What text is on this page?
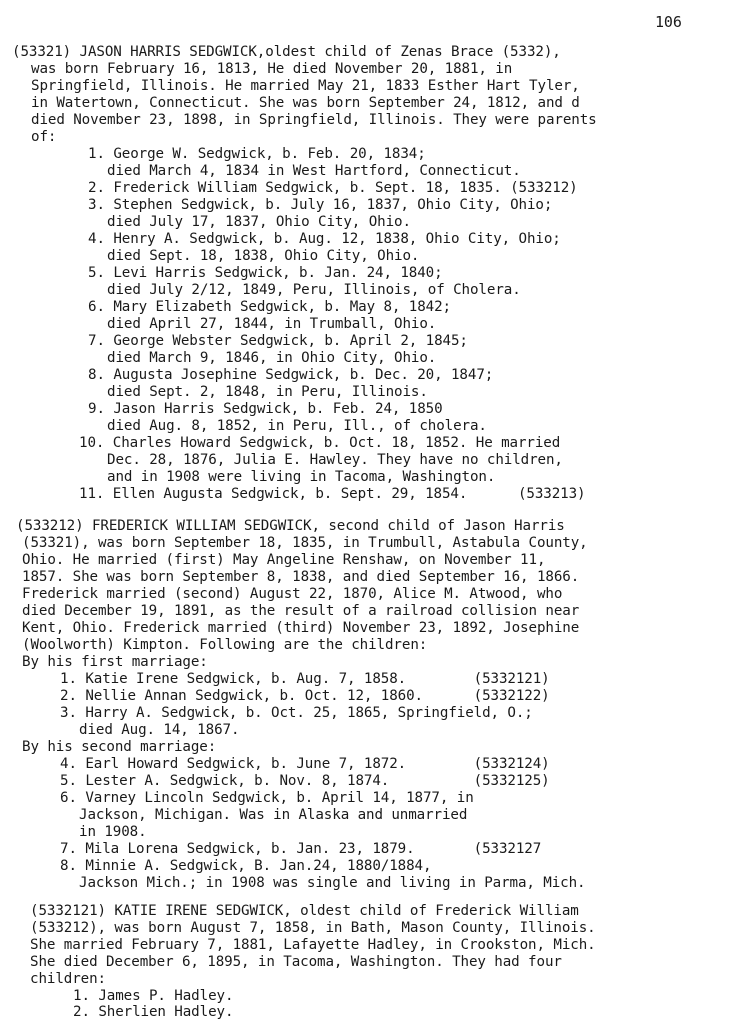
106
(53321) JASON HARRIS SEDGWICK,oldest child of Zenas Brace (5332),
was born February 16, 1813, He died November 20, 1881, in
Springfield, Illinois. He married May 21, 1833 Esther Hart Tyler,
in Watertown, Connecticut. She was born September 24, 1812, and d
died November 23, 1898, in Springfield, Illinois. They were parents
of:
1. George W. Sedgwick, b. Feb. 20, 1834;
died March 4, 1834 in West Hartford, Connecticut.
2. Frederick William Sedgwick, b. Sept. 18, 1835. (533212)
3. Stephen Sedgwick, b. July 16, 1837, Ohio City, Ohio;
died July 17, 1837, Ohio City, Ohio.
4. Henry A. Sedgwick, b. Aug. 12, 1838, Ohio City, Ohio;
died Sept. 18, 1838, Ohio City, Ohio.
5. Levi Harris Sedgwick, b. Jan. 24, 1840;
died July 2/12, 1849, Peru, Illinois, of Cholera.
6. Mary Elizabeth Sedgwick, b. May 8, 1842;
died April 27, 1844, in Trumball, Ohio.
7. George Webster Sedgwick, b. April 2, 1845;
died March 9, 1846, in Ohio City, Ohio.
8. Augusta Josephine Sedgwick, b. Dec. 20, 1847;
died Sept. 2, 1848, in Peru, Illinois.
9. Jason Harris Sedgwick, b. Feb. 24, 1850
died Aug. 8, 1852, in Peru, Ill., of cholera.
10. Charles Howard Sedgwick, b. Oct. 18, 1852. He married
Dec. 28, 1876, Julia E. Hawley. They have no children,
and in 1908 were living in Tacoma, Washington.
11. Ellen Augusta Sedgwick, b. Sept. 29, 1854.      (533213)
(533212) FREDERICK WILLIAM SEDGWICK, second child of Jason Harris
(53321), was born September 18, 1835, in Trumbull, Astabula County,
Ohio. He married (first) May Angeline Renshaw, on November 11,
1857. She was born September 8, 1838, and died September 16, 1866.
Frederick married (second) August 22, 1870, Alice M. Atwood, who
died December 19, 1891, as the result of a railroad collision near
Kent, Ohio. Frederick married (third) November 23, 1892, Josephine
(Woolworth) Kimpton. Following are the children:
By his first marriage:
1. Katie Irene Sedgwick, b. Aug. 7, 1858.        (5332121)
2. Nellie Annan Sedgwick, b. Oct. 12, 1860.      (5332122)
3. Harry A. Sedgwick, b. Oct. 25, 1865, Springfield, O.;
died Aug. 14, 1867.
By his second marriage:
4. Earl Howard Sedgwick, b. June 7, 1872.        (5332124)
5. Lester A. Sedgwick, b. Nov. 8, 1874.          (5332125)
6. Varney Lincoln Sedgwick, b. April 14, 1877, in
Jackson, Michigan. Was in Alaska and unmarried
in 1908.
7. Mila Lorena Sedgwick, b. Jan. 23, 1879.       (5332127
8. Minnie A. Sedgwick, B. Jan.24, 1880/1884,
Jackson Mich.; in 1908 was single and living in Parma, Mich.
(5332121) KATIE IRENE SEDGWICK, oldest child of Frederick William
(533212), was born August 7, 1858, in Bath, Mason County, Illinois.
She married February 7, 1881, Lafayette Hadley, in Crookston, Mich.
She died December 6, 1895, in Tacoma, Washington. They had four
children:
1. James P. Hadley.
2. Sherlien Hadley.
